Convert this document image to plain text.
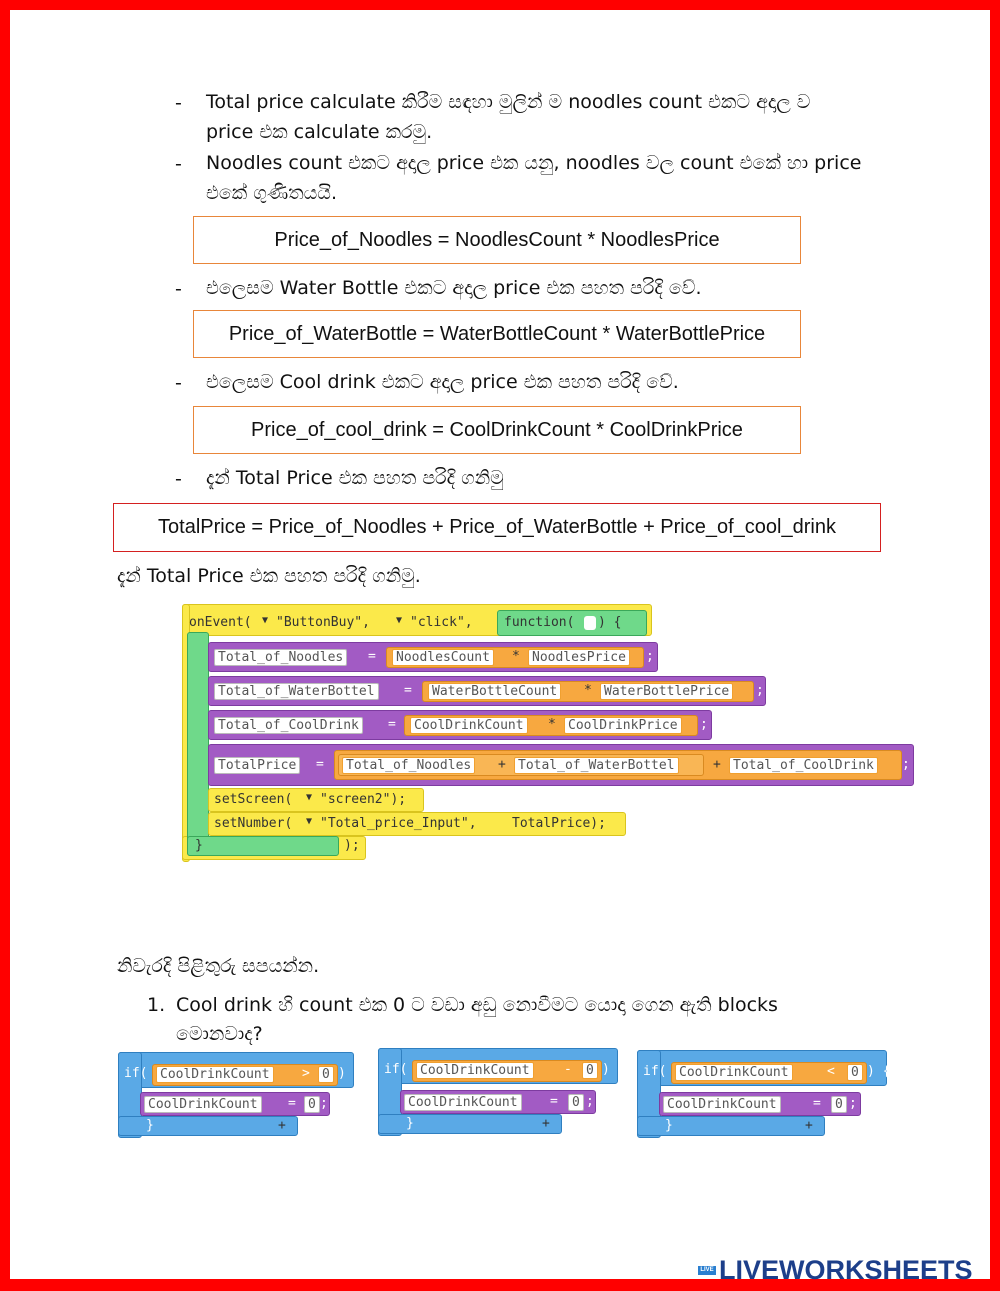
- Total price calculate කිරීම සඳහා මුලින් ම noodles count එකට අදාල ව
price එක calculate කරමු.
- Noodles count එකට අදාල price එක යනු, noodles වල count එකේ හා price
එකේ ගුණිතයයි.
Price_of_Noodles = NoodlesCount * NoodlesPrice
- එලෙසම Water Bottle එකට අදාල price එක පහත පරිදි වේ.
Price_of_WaterBottle = WaterBottleCount * WaterBottlePrice
- එලෙසම Cool drink එකට අදාල price එක පහත පරිදි වේ.
Price_of_cool_drink = CoolDrinkCount * CoolDrinkPrice
- දැන් Total Price එක පහත පරිදි ගනිමු
TotalPrice = Price_of_Noodles + Price_of_WaterBottle + Price_of_cool_drink
දැන් Total Price එක පහත පරිදි ගනිමු.
onEvent( ▼ "ButtonBuy",	▼ "click", function( ) {
}	);
Total_of_Noodles	=	NoodlesCount	* NoodlesPrice	;
Total_of_WaterBottel	=	WaterBottleCount	* WaterBottlePrice	;
Total_of_CoolDrink	=	CoolDrinkCount	* CoolDrinkPrice	;
TotalPrice	=	Total_of_Noodles	+ Total_of_WaterBottel	+ Total_of_CoolDrink	;
setScreen( ▼ "screen2");
setNumber( ▼ "Total_price_Input",	TotalPrice);
නිවැරදි පිළිතුරු සපයන්න.
1. Cool drink හි count එක 0 ට වඩා අඩු නොවීමට යොදා ගෙන ඇති blocks
මොනවාද?
if( CoolDrinkCount	> 0 ) {
CoolDrinkCount	= 0 ;
}	+
if( CoolDrinkCount	-	0 ) {
CoolDrinkCount	=	0 ;
}	+
if( CoolDrinkCount	<	0 ) {
CoolDrinkCount	=	0 ;
}	+
LIVE LIVEWORKSHEETS
